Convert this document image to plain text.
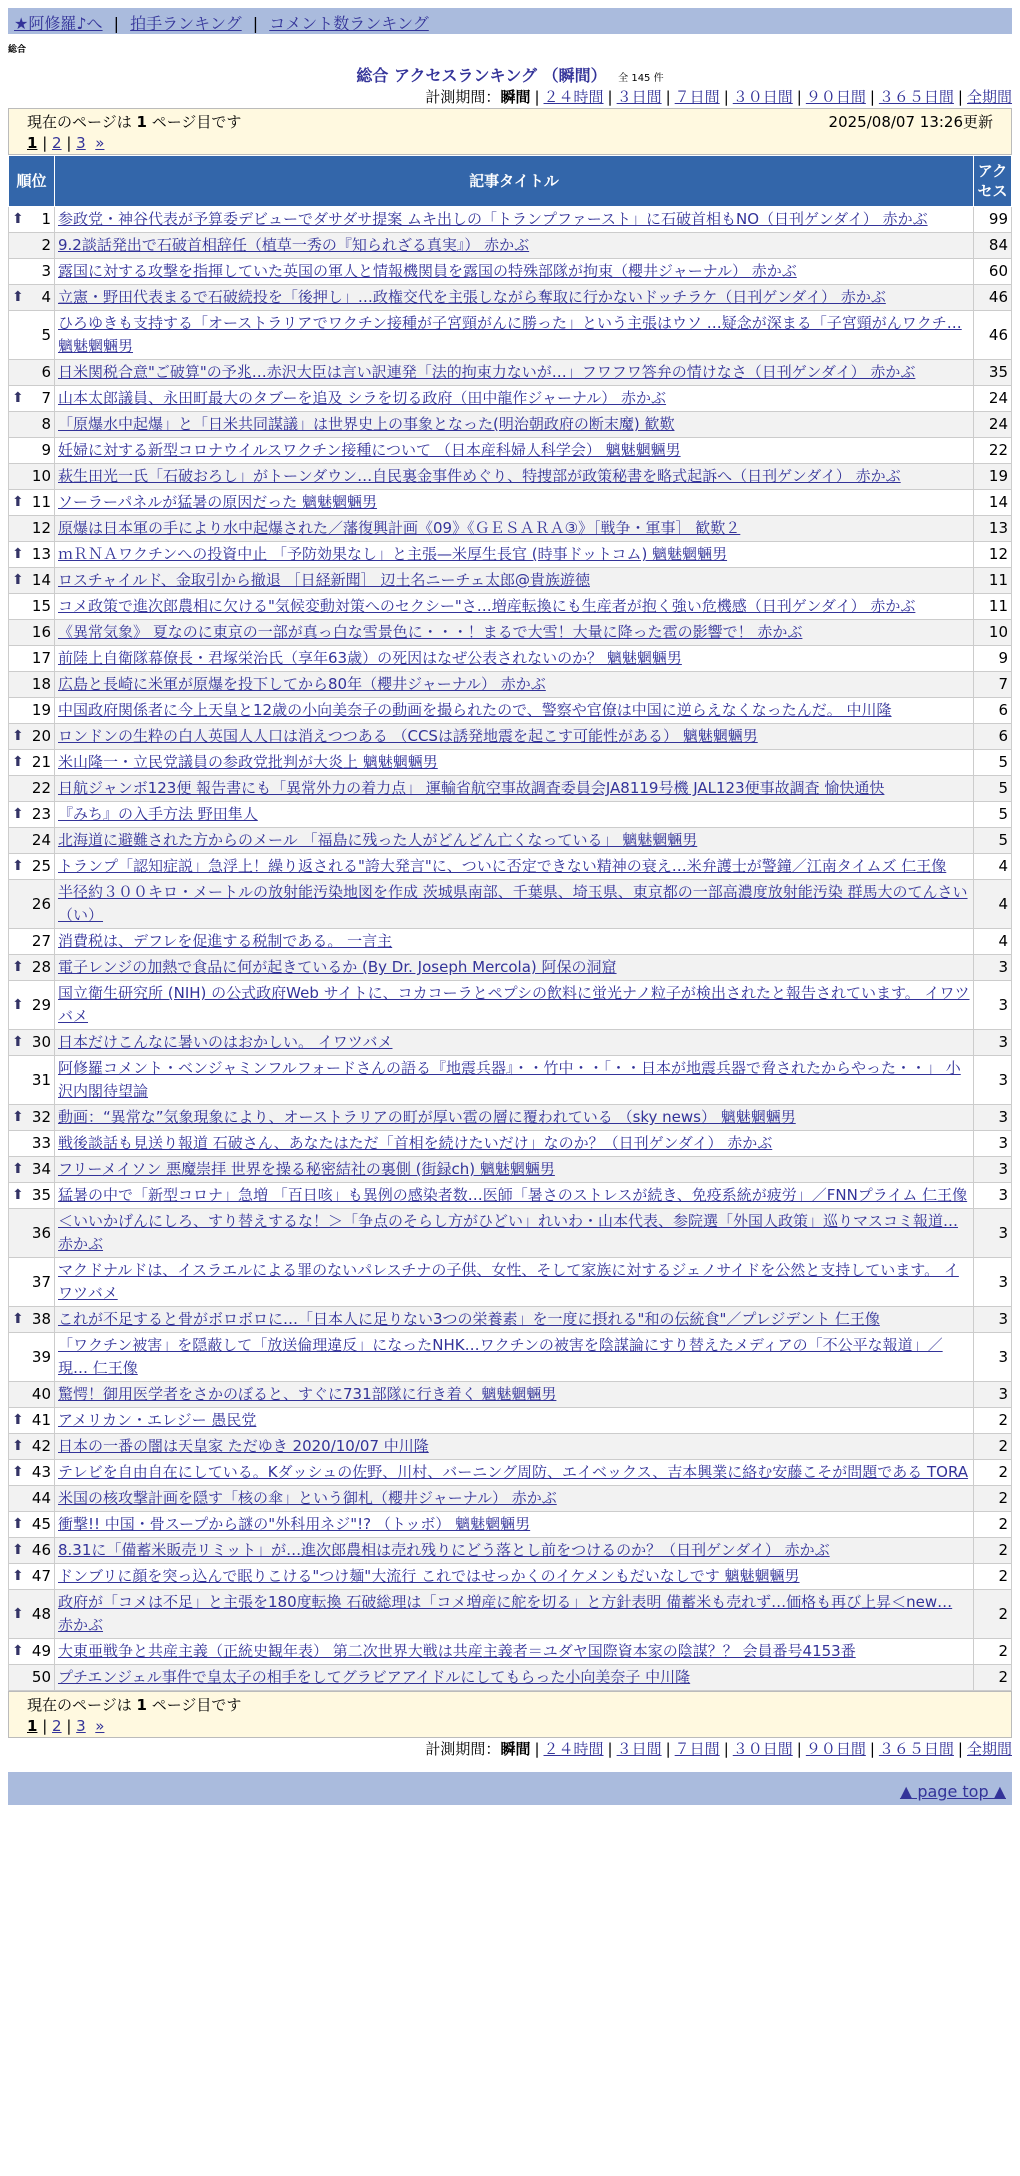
★阿修羅♪へ | 拍手ランキング | コメント数ランキング
総合
総合 アクセスランキング （瞬間） 全 145 件
計測期間：瞬間 | ２４時間 | ３日間 | ７日間 | ３０日間 | ９０日間 | ３６５日間 | 全期間
現在のページは 1 ページ目です	2025/08/07 13:26更新
1 | 2 | 3 »
順位	記事タイトル	アクセス

⬆ 1	参政党・神谷代表が予算委デビューでダサダサ提案 ムキ出しの「トランプファースト」に石破首相もNO（日刊ゲンダイ） 赤かぶ	99
2	9.2談話発出で石破首相辞任（植草一秀の『知られざる真実』） 赤かぶ	84
3	露国に対する攻撃を指揮していた英国の軍人と情報機関員を露国の特殊部隊が拘束（櫻井ジャーナル） 赤かぶ	60

⬆ 4	立憲・野田代表まるで石破続投を「後押し」…政権交代を主張しながら奪取に行かないドッチラケ（日刊ゲンダイ） 赤かぶ	46
5	ひろゆきも支持する「オーストラリアでワクチン接種が子宮頸がんに勝った」という主張はウソ …疑念が深まる「子宮頸がんワクチ… 魑魅魍魎男	46
6	日米関税合意"ご破算"の予兆…赤沢大臣は言い訳連発「法的拘束力ないが…」フワフワ答弁の情けなさ（日刊ゲンダイ） 赤かぶ	35

⬆ 7	山本太郎議員、永田町最大のタブーを追及 シラを切る政府（田中龍作ジャーナル） 赤かぶ	24
8	「原爆水中起爆」と「日米共同謀議」は世界史上の事象となった(明治朝政府の断末魔) 歓歎	24
9	妊婦に対する新型コロナウイルスワクチン接種について （日本産科婦人科学会） 魑魅魍魎男	22
10	萩生田光一氏「石破おろし」がトーンダウン…自民裏金事件めぐり、特捜部が政策秘書を略式起訴へ（日刊ゲンダイ） 赤かぶ	19

⬆ 11	ソーラーパネルが猛暑の原因だった 魑魅魍魎男	14
12	原爆は日本軍の手により水中起爆された／藩復興計画《09》《ＧＥＳＡＲＡ③》［戦争・軍事］ 歓歎２	13

⬆ 13	ｍＲＮＡワクチンへの投資中止 「予防効果なし」と主張—米厚生長官 (時事ドットコム) 魑魅魍魎男	12

⬆ 14	ロスチャイルド、金取引から撤退 ［日経新聞］ 辺土名ニーチェ太郎@貴族遊徳	11
15	コメ政策で進次郎農相に欠ける"気候変動対策へのセクシー"さ…増産転換にも生産者が抱く強い危機感（日刊ゲンダイ） 赤かぶ	11
16	《異常気象》 夏なのに東京の一部が真っ白な雪景色に・・・！まるで大雪！大量に降った雹の影響で！ 赤かぶ	10
17	前陸上自衛隊幕僚長・君塚栄治氏（享年63歳）の死因はなぜ公表されないのか？ 魑魅魍魎男	9
18	広島と長崎に米軍が原爆を投下してから80年（櫻井ジャーナル） 赤かぶ	7
19	中国政府関係者に今上天皇と12歳の小向美奈子の動画を撮られたので、警察や官僚は中国に逆らえなくなったんだ。 中川隆	6

⬆ 20	ロンドンの生粋の白人英国人人口は消えつつある （CCSは誘発地震を起こす可能性がある） 魑魅魍魎男	6

⬆ 21	米山隆一・立民党議員の参政党批判が大炎上 魑魅魍魎男	5
22	日航ジャンボ123便 報告書にも「異常外力の着力点」 運輸省航空事故調査委員会JA8119号機 JAL123便事故調査 愉快通快	5

⬆ 23	『みち』の入手方法 野田隼人	5
24	北海道に避難された方からのメール 「福島に残った人がどんどん亡くなっている」 魑魅魍魎男	5

⬆ 25	トランプ「認知症説」急浮上！繰り返される"誇大発言"に、ついに否定できない精神の衰え…米弁護士が警鐘／江南タイムズ 仁王像	4
26	半径約３００キロ・メートルの放射能汚染地図を作成 茨城県南部、千葉県、埼玉県、東京都の一部高濃度放射能汚染 群馬大のてんさい（い）	4
27	消費税は、デフレを促進する税制である。 一言主	4

⬆ 28	電子レンジの加熱で食品に何が起きているか (By Dr. Joseph Mercola) 阿保の洞窟	3

⬆ 29	国立衛生研究所 (NIH) の公式政府Web サイトに、コカコーラとペプシの飲料に蛍光ナノ粒子が検出されたと報告されています。 イワツバメ	3

⬆ 30	日本だけこんなに暑いのはおかしい。 イワツバメ	3
31	阿修羅コメント・ベンジャミンフルフォードさんの語る『地震兵器』・・竹中・・「・・日本が地震兵器で脅されたからやった・・」 小沢内閣待望論	3

⬆ 32	動画：“異常な”気象現象により、オーストラリアの町が厚い雹の層に覆われている （sky news） 魑魅魍魎男	3
33	戦後談話も見送り報道 石破さん、あなたはただ「首相を続けたいだけ」なのか？（日刊ゲンダイ） 赤かぶ	3

⬆ 34	フリーメイソン 悪魔崇拝 世界を操る秘密結社の裏側 (街録ch) 魑魅魍魎男	3

⬆ 35	猛暑の中で「新型コロナ」急増 「百日咳」も異例の感染者数…医師「暑さのストレスが続き、免疫系統が疲労」／FNNプライム 仁王像	3
36	＜いいかげんにしろ、すり替えするな！＞「争点のそらし方がひどい」れいわ・山本代表、参院選「外国人政策」巡りマスコミ報道… 赤かぶ	3
37	マクドナルドは、イスラエルによる罪のないパレスチナの子供、女性、そして家族に対するジェノサイドを公然と支持しています。 イワツバメ	3

⬆ 38	これが不足すると骨がボロボロに…「日本人に足りない3つの栄養素」を一度に摂れる"和の伝統食"／プレジデント 仁王像	3
39	「ワクチン被害」を隠蔽して「放送倫理違反」になったNHK…ワクチンの被害を陰謀論にすり替えたメディアの「不公平な報道」／現… 仁王像	3
40	驚愕！御用医学者をさかのぼると、すぐに731部隊に行き着く 魑魅魍魎男	3

⬆ 41	アメリカン・エレジー 愚民党	2

⬆ 42	日本の一番の闇は天皇家 ただゆき 2020/10/07 中川隆	2

⬆ 43	テレビを自由自在にしている。Kダッシュの佐野、川村、バーニング周防、エイベックス、吉本興業に絡む安藤こそが問題である TORA	2
44	米国の核攻撃計画を隠す「核の傘」という御札（櫻井ジャーナル） 赤かぶ	2

⬆ 45	衝撃!! 中国・骨スープから謎の"外科用ネジ"!? （トッボ） 魑魅魍魎男	2

⬆ 46	8.31に「備蓄米販売リミット」が…進次郎農相は売れ残りにどう落とし前をつけるのか？（日刊ゲンダイ） 赤かぶ	2

⬆ 47	ドンブリに顔を突っ込んで眠りこける"つけ麺"大流行 これではせっかくのイケメンもだいなしです 魑魅魍魎男	2

⬆ 48	政府が「コメは不足」と主張を180度転換 石破総理は「コメ増産に舵を切る」と方針表明 備蓄米も売れず…価格も再び上昇＜new… 赤かぶ	2

⬆ 49	大東亜戦争と共産主義（正統史観年表） 第二次世界大戦は共産主義者＝ユダヤ国際資本家の陰謀？？ 会員番号4153番	2
50	プチエンジェル事件で皇太子の相手をしてグラビアアイドルにしてもらった小向美奈子 中川隆	2
現在のページは 1 ページ目です
1 | 2 | 3 »
計測期間：瞬間 | ２４時間 | ３日間 | ７日間 | ３０日間 | ９０日間 | ３６５日間 | 全期間
▲ page top ▲
